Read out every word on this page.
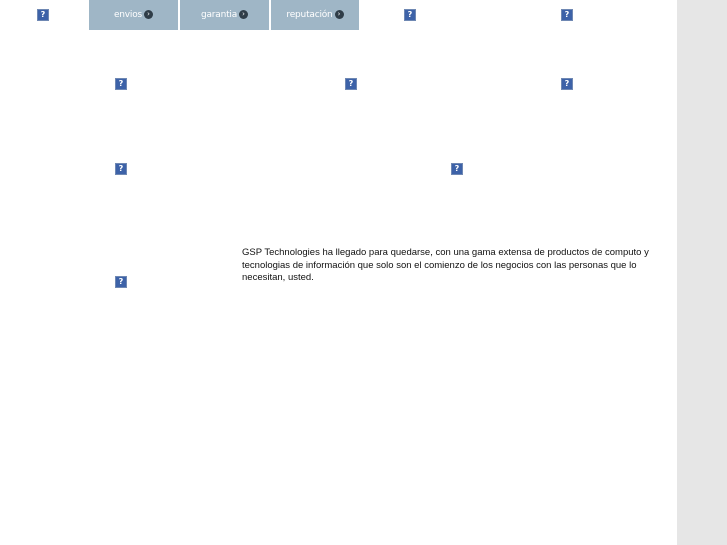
?	?	?
envios ›	garantia ›	reputación ›
?	?	?
?	?
?

GSP Technologies ha llegado para quedarse, con una gama extensa de productos de computo y tecnologias de información que solo son el comienzo de los negocios con las personas que lo necesitan, usted.
